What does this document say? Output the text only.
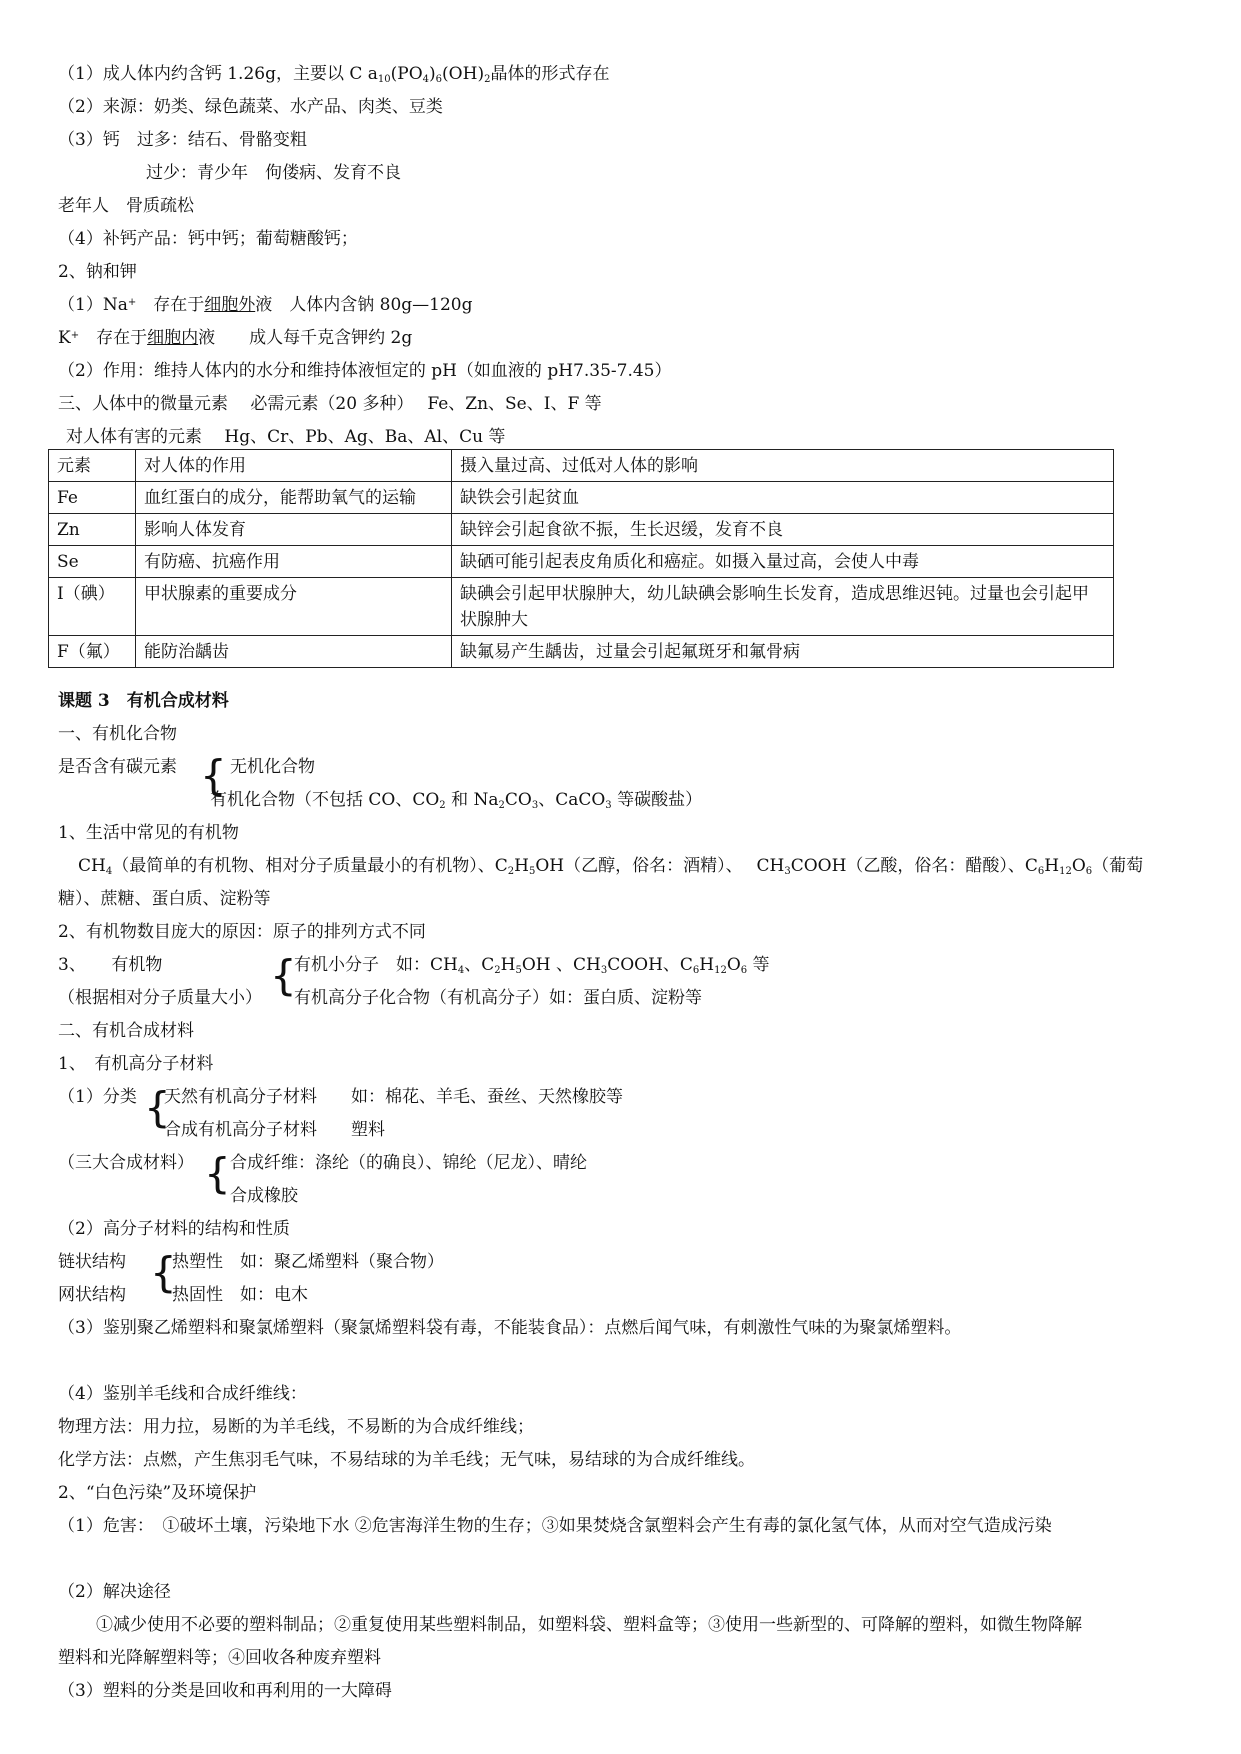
（1）成人体内约含钙 1.26g，主要以 C $a_{10}(PO_4)_6(OH)_2$晶体的形式存在
（2）来源：奶类、绿色蔬菜、水产品、肉类、豆类
（3）钙　过多：结石、骨骼变粗
过少：青少年　佝偻病、发育不良
老年人　骨质疏松
（4）补钙产品：钙中钙；葡萄糖酸钙；
2、钠和钾
（1）Na+　存在于细胞外液　人体内含钠 80g—120g
K+　存在于细胞内液　　成人每千克含钾约 2g
（2）作用：维持人体内的水分和维持体液恒定的 pH（如血液的 pH7.35-7.45）
三、人体中的微量元素　 必需元素（20 多种）　 Fe、Zn、Se、I、F 等
对人体有害的元素　 Hg、Cr、Pb、Ag、Ba、Al、Cu 等
元素	对人体的作用	摄入量过高、过低对人体的影响
Fe	血红蛋白的成分，能帮助氧气的运输	缺铁会引起贫血
Zn	影响人体发育	缺锌会引起食欲不振，生长迟缓，发育不良
Se	有防癌、抗癌作用	缺硒可能引起表皮角质化和癌症。如摄入量过高，会使人中毒
I（碘）	甲状腺素的重要成分	缺碘会引起甲状腺肿大，幼儿缺碘会影响生长发育，造成思维迟钝。过量也会引起甲状腺肿大
F（氟）	能防治龋齿	缺氟易产生龋齿，过量会引起氟斑牙和氟骨病
课题 3　有机合成材料
一、有机化合物
是否含有碳元素 { 无机化合物
有机化合物（不包括 CO、$CO_2$ 和 $Na_2CO_3$、CaCO$_3$ 等碳酸盐）
1、生活中常见的有机物
$CH_4$（最简单的有机物、相对分子质量最小的有机物）、$C_2H_5OH$（乙醇，俗名：酒精）、　 $CH_3COOH$（乙酸，俗名：醋酸）、$C_6H_{12}O_6$（葡萄
糖）、蔗糖、蛋白质、淀粉等
2、有机物数目庞大的原因：原子的排列方式不同
3、　　有机物
（根据相对分子质量大小） {
有机小分子　如：$CH_4$、$C_2H_5OH$ 、$CH_3COOH$、$C_6H_{12}O_6$ 等
有机高分子化合物（有机高分子）如：蛋白质、淀粉等
二、有机合成材料
1、　有机高分子材料
（1）分类 {
天然有机高分子材料　　如：棉花、羊毛、蚕丝、天然橡胶等
合成有机高分子材料　　塑料
（三大合成材料） { 合成纤维：涤纶（的确良）、锦纶（尼龙）、晴纶
合成橡胶
（2）高分子材料的结构和性质
链状结构
网状结构 {
热塑性　如：聚乙烯塑料（聚合物）
热固性　如：电木
（3）鉴别聚乙烯塑料和聚氯烯塑料（聚氯烯塑料袋有毒，不能装食品）：点燃后闻气味，有刺激性气味的为聚氯烯塑料。
（4）鉴别羊毛线和合成纤维线：
物理方法：用力拉，易断的为羊毛线，不易断的为合成纤维线；
化学方法：点燃，产生焦羽毛气味，不易结球的为羊毛线；无气味，易结球的为合成纤维线。
2、“白色污染”及环境保护
（1）危害：　①破坏土壤，污染地下水 ②危害海洋生物的生存；③如果焚烧含氯塑料会产生有毒的氯化氢气体，从而对空气造成污染
（2）解决途径
①减少使用不必要的塑料制品；②重复使用某些塑料制品，如塑料袋、塑料盒等；③使用一些新型的、可降解的塑料，如微生物降解
塑料和光降解塑料等；④回收各种废弃塑料
（3）塑料的分类是回收和再利用的一大障碍
